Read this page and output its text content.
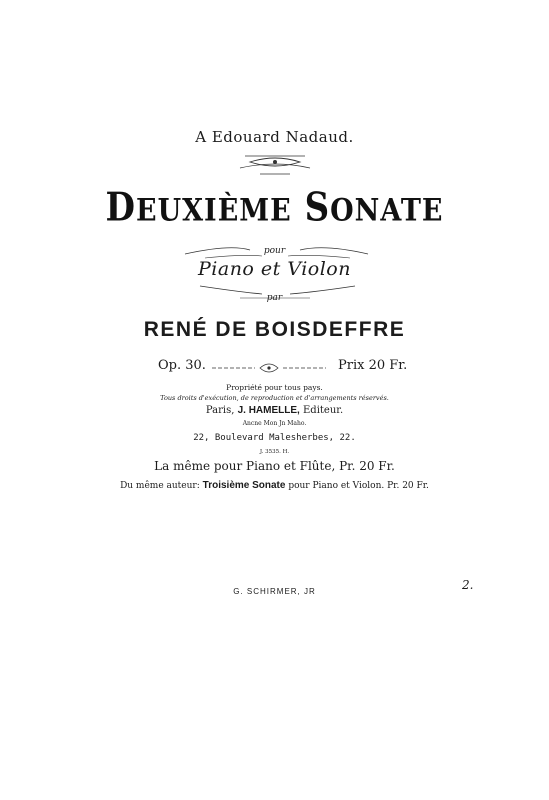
A Edouard Nadaud.
DEUXIÈME SONATE
pour
Piano et Violon
par
RENÉ DE BOISDEFFRE
Op. 30.	Prix 20 Fr.
Propriété pour tous pays.
Tous droits d'exécution, de reproduction et d'arrangements réservés.
Paris, J. HAMELLE, Editeur.
Ancne Mon Jn Maho.
22, Boulevard Malesherbes, 22.
J. 3535. H.
La même pour Piano et Flûte, Pr. 20 Fr.
Du même auteur: Troisième Sonate pour Piano et Violon. Pr. 20 Fr.
G. SCHIRMER, JR	2.
